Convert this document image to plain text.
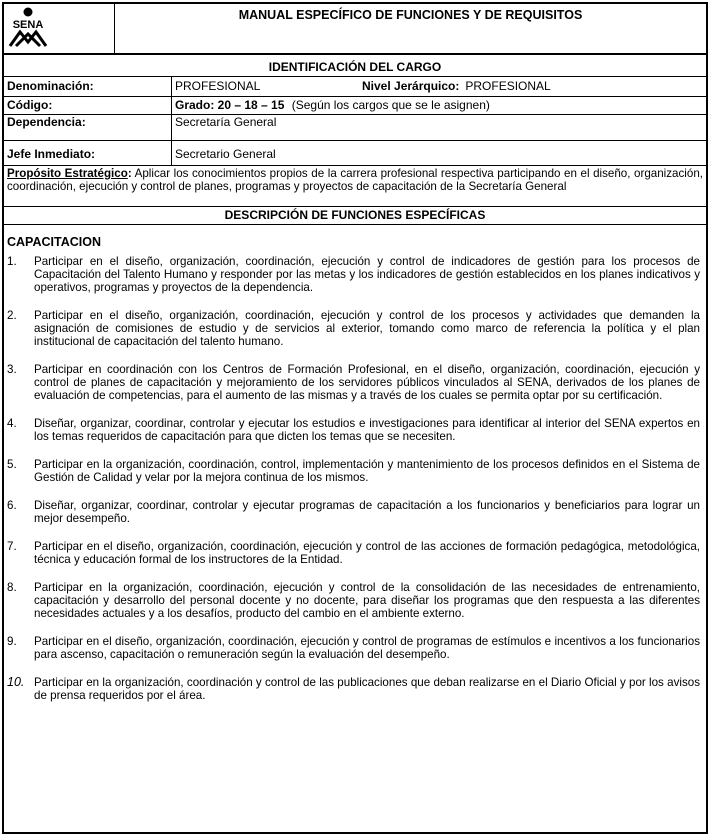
SENA
MANUAL ESPECÍFICO DE FUNCIONES Y DE REQUISITOS
IDENTIFICACIÓN DEL CARGO
Denominación:	PROFESIONAL	Nivel Jerárquico: PROFESIONAL
Código:	Grado: 20 – 18 – 15 (Según los cargos que se le asignen)
Dependencia:	Secretaría General
Jefe Inmediato:	Secretario General
Propósito Estratégico: Aplicar los conocimientos propios de la carrera profesional respectiva participando en el diseño, organización, coordinación, ejecución y control de planes, programas y proyectos de capacitación de la Secretaría General
DESCRIPCIÓN DE FUNCIONES ESPECÍFICAS
CAPACITACION
1.	Participar en el diseño, organización, coordinación, ejecución y control de indicadores de gestión para los procesos de Capacitación del Talento Humano y responder por las metas y los indicadores de gestión establecidos en los planes indicativos y operativos, programas y proyectos de la dependencia.
2.	Participar en el diseño, organización, coordinación, ejecución y control de los procesos y actividades que demanden la asignación de comisiones de estudio y de servicios al exterior, tomando como marco de referencia la política y el plan institucional de capacitación del talento humano.
3.	Participar en coordinación con los Centros de Formación Profesional, en el diseño, organización, coordinación, ejecución y control de planes de capacitación y mejoramiento de los servidores públicos vinculados al SENA, derivados de los planes de evaluación de competencias, para el aumento de las mismas y a través de los cuales se permita optar por su certificación.
4.	Diseñar, organizar, coordinar, controlar y ejecutar los estudios e investigaciones para identificar al interior del SENA expertos en los temas requeridos de capacitación para que dicten los temas que se necesiten.
5.	Participar en la organización, coordinación, control, implementación y mantenimiento de los procesos definidos en el Sistema de Gestión de Calidad y velar por la mejora continua de los mismos.
6.	Diseñar, organizar, coordinar, controlar y ejecutar programas de capacitación a los funcionarios y beneficiarios para lograr un mejor desempeño.
7.	Participar en el diseño, organización, coordinación, ejecución y control de las acciones de formación pedagógica, metodológica, técnica y educación formal de los instructores de la Entidad.
8.	Participar en la organización, coordinación, ejecución y control de la consolidación de las necesidades de entrenamiento, capacitación y desarrollo del personal docente y no docente, para diseñar los programas que den respuesta a las diferentes necesidades actuales y a los desafíos, producto del cambio en el ambiente externo.
9.	Participar en el diseño, organización, coordinación, ejecución y control de programas de estímulos e incentivos a los funcionarios para ascenso, capacitación o remuneración según la evaluación del desempeño.
10. Participar en la organización, coordinación y control de las publicaciones que deban realizarse en el Diario Oficial y por los avisos de prensa requeridos por el área.
